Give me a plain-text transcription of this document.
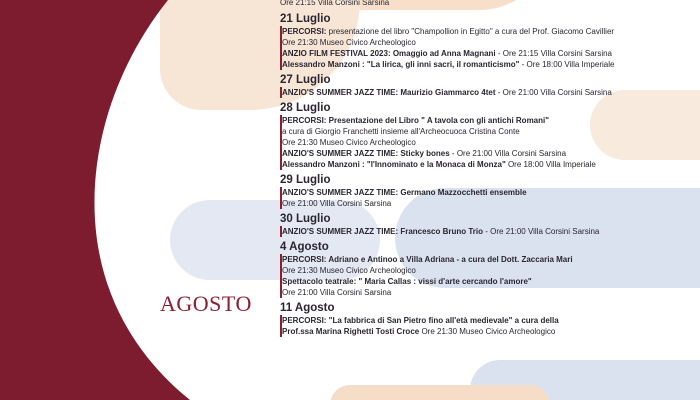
AGOSTO
Ore 21:15 Villa Corsini Sarsina
21 Luglio
PERCORSI: presentazione del libro "Champollion in Egitto" a cura del Prof. Giacomo Cavillier
Ore 21:30 Museo Civico Archeologico
ANZIO FILM FESTIVAL 2023: Omaggio ad Anna Magnani - Ore 21:15 Villa Corsini Sarsina
Alessandro Manzoni : "La lirica, gli inni sacri, il romanticismo" - Ore 18:00 Villa Imperiale
27 Luglio
ANZIO'S SUMMER JAZZ TIME: Maurizio Giammarco 4tet - Ore 21:00 Villa Corsini Sarsina
28 Luglio
PERCORSI: Presentazione del Libro " A tavola con gli antichi Romani"
a cura di Giorgio Franchetti insieme all'Archeocuoca Cristina Conte
Ore 21:30 Museo Civico Archeologico
ANZIO'S SUMMER JAZZ TIME: Sticky bones - Ore 21:00 Villa Corsini Sarsina
Alessandro Manzoni : "l'Innominato e la Monaca di Monza" Ore 18:00 Villa Imperiale
29 Luglio
ANZIO'S SUMMER JAZZ TIME: Germano Mazzocchetti ensemble
Ore 21:00 Villa Corsini Sarsina
30 Luglio
ANZIO'S SUMMER JAZZ TIME: Francesco Bruno Trio - Ore 21:00 Villa Corsini Sarsina
4 Agosto
PERCORSI: Adriano e Antinoo a Villa Adriana - a cura del Dott. Zaccaria Mari
Ore 21:30 Museo Civico Archeologico
Spettacolo teatrale: " Maria Callas : vissi d'arte cercando l'amore"
Ore 21:00 Villa Corsini Sarsina
11 Agosto
PERCORSI: "La fabbrica di San Pietro fino all'età medievale" a cura della
Prof.ssa Marina Righetti Tosti Croce Ore 21:30 Museo Civico Archeologico
